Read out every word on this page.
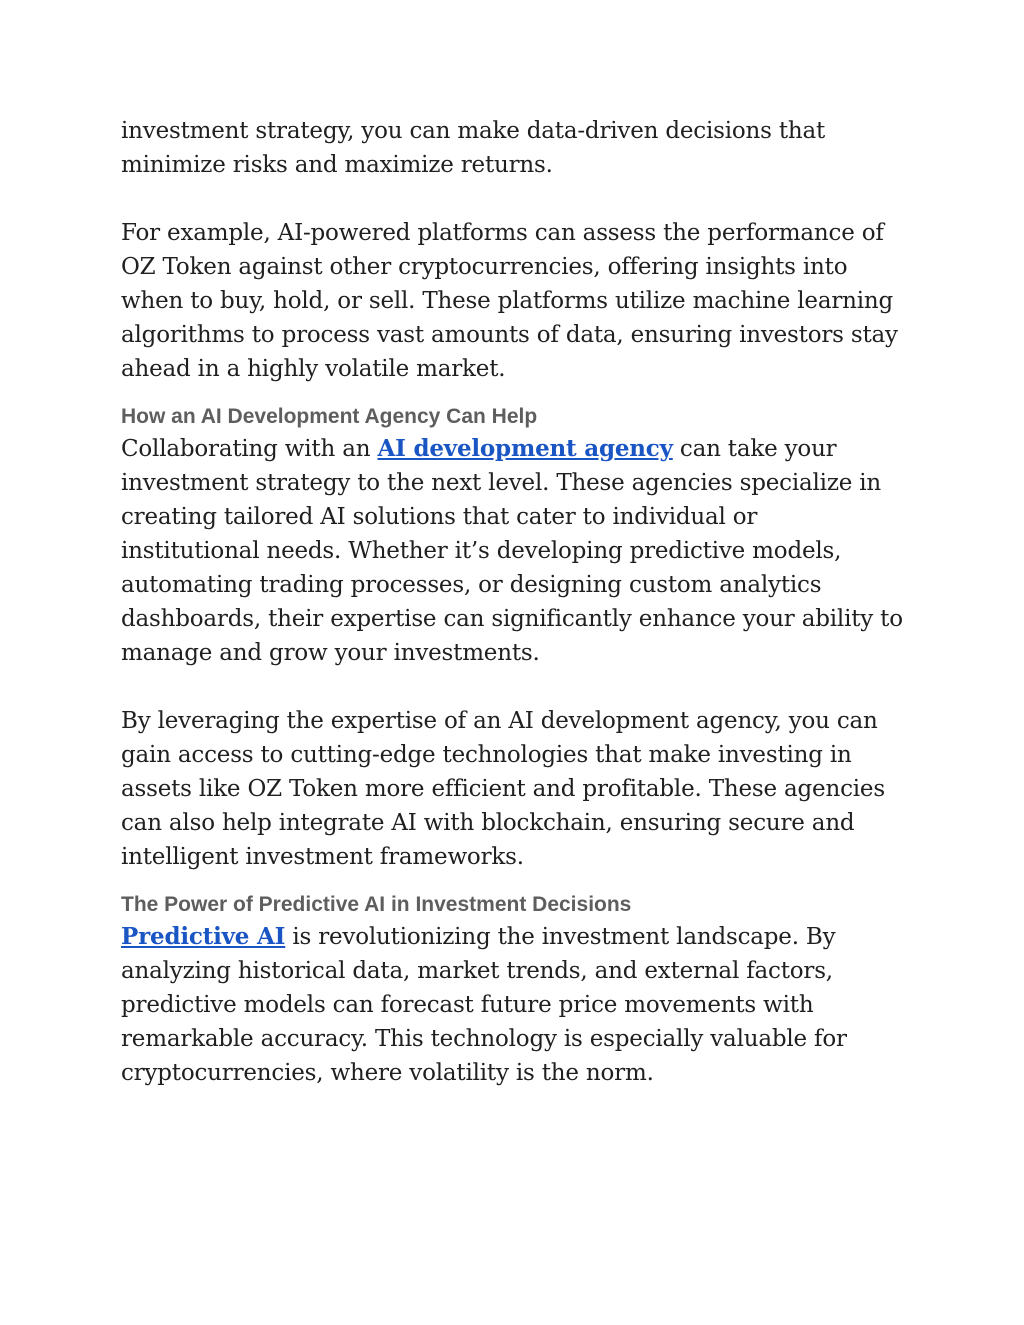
investment strategy, you can make data-driven decisions that
minimize risks and maximize returns.

For example, AI-powered platforms can assess the performance of
OZ Token against other cryptocurrencies, offering insights into
when to buy, hold, or sell. These platforms utilize machine learning
algorithms to process vast amounts of data, ensuring investors stay
ahead in a highly volatile market.

How an AI Development Agency Can Help

Collaborating with an AI development agency can take your
investment strategy to the next level. These agencies specialize in
creating tailored AI solutions that cater to individual or
institutional needs. Whether it’s developing predictive models,
automating trading processes, or designing custom analytics
dashboards, their expertise can significantly enhance your ability to
manage and grow your investments.

By leveraging the expertise of an AI development agency, you can
gain access to cutting-edge technologies that make investing in
assets like OZ Token more efficient and profitable. These agencies
can also help integrate AI with blockchain, ensuring secure and
intelligent investment frameworks.

The Power of Predictive AI in Investment Decisions

Predictive AI is revolutionizing the investment landscape. By
analyzing historical data, market trends, and external factors,
predictive models can forecast future price movements with
remarkable accuracy. This technology is especially valuable for
cryptocurrencies, where volatility is the norm.
